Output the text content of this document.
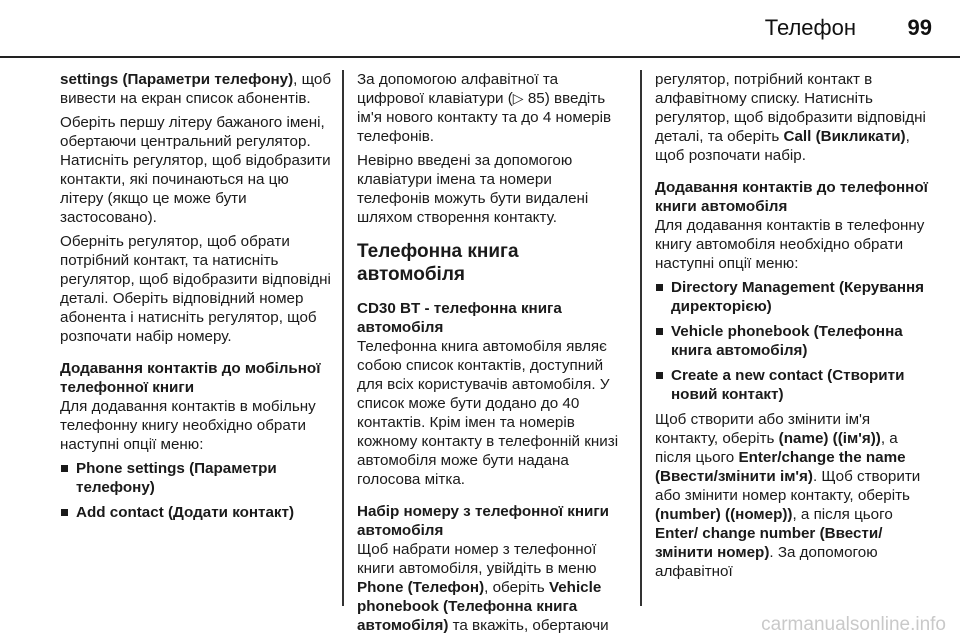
Телефон 99

settings (Параметри телефону), щоб вивести на екран список абонентів.

Оберіть першу літеру бажаного імені, обертаючи центральний регулятор. Натисніть регулятор, щоб відобразити контакти, які починаються на цю літеру (якщо це може бути застосовано).

Оберніть регулятор, щоб обрати потрібний контакт, та натисніть регулятор, щоб відобразити відповідні деталі. Оберіть відповідний номер абонента і натисніть регулятор, щоб розпочати набір номеру.

Додавання контактів до мобільної телефонної книги

Для додавання контактів в мобільну телефонну книгу необхідно обрати наступні опції меню:

Phone settings (Параметри телефону)
Add contact (Додати контакт)

За допомогою алфавітної та цифрової клавіатури (▷ 85) введіть ім'я нового контакту та до 4 номерів телефонів.

Невірно введені за допомогою клавіатури імена та номери телефонів можуть бути видалені шляхом створення контакту.

Телефонна книга автомобіля
CD30 BT - телефонна книга автомобіля

Телефонна книга автомобіля являє собою список контактів, доступний для всіх користувачів автомобіля. У список може бути додано до 40 контактів. Крім імен та номерів кожному контакту в телефонній книзі автомобіля може бути надана голосова мітка.

Набір номеру з телефонної книги автомобіля

Щоб набрати номер з телефонної книги автомобіля, увійдіть в меню Phone (Телефон), оберіть Vehicle phonebook (Телефонна книга автомобіля) та вкажіть, обертаючи

регулятор, потрібний контакт в алфавітному списку. Натисніть регулятор, щоб відобразити відповідні деталі, та оберіть Call (Викликати), щоб розпочати набір.

Додавання контактів до телефонної книги автомобіля

Для додавання контактів в телефонну книгу автомобіля необхідно обрати наступні опції меню:

Directory Management (Керування директорією)
Vehicle phonebook (Телефонна книга автомобіля)
Create a new contact (Створити новий контакт)

Щоб створити або змінити ім'я контакту, оберіть (name) ((ім'я)), а після цього Enter/change the name (Ввести/змінити ім'я). Щоб створити або змінити номер контакту, оберіть (number) ((номер)), а після цього Enter/ change number (Ввести/змінити номер). За допомогою алфавітної

carmanualsonline.info
